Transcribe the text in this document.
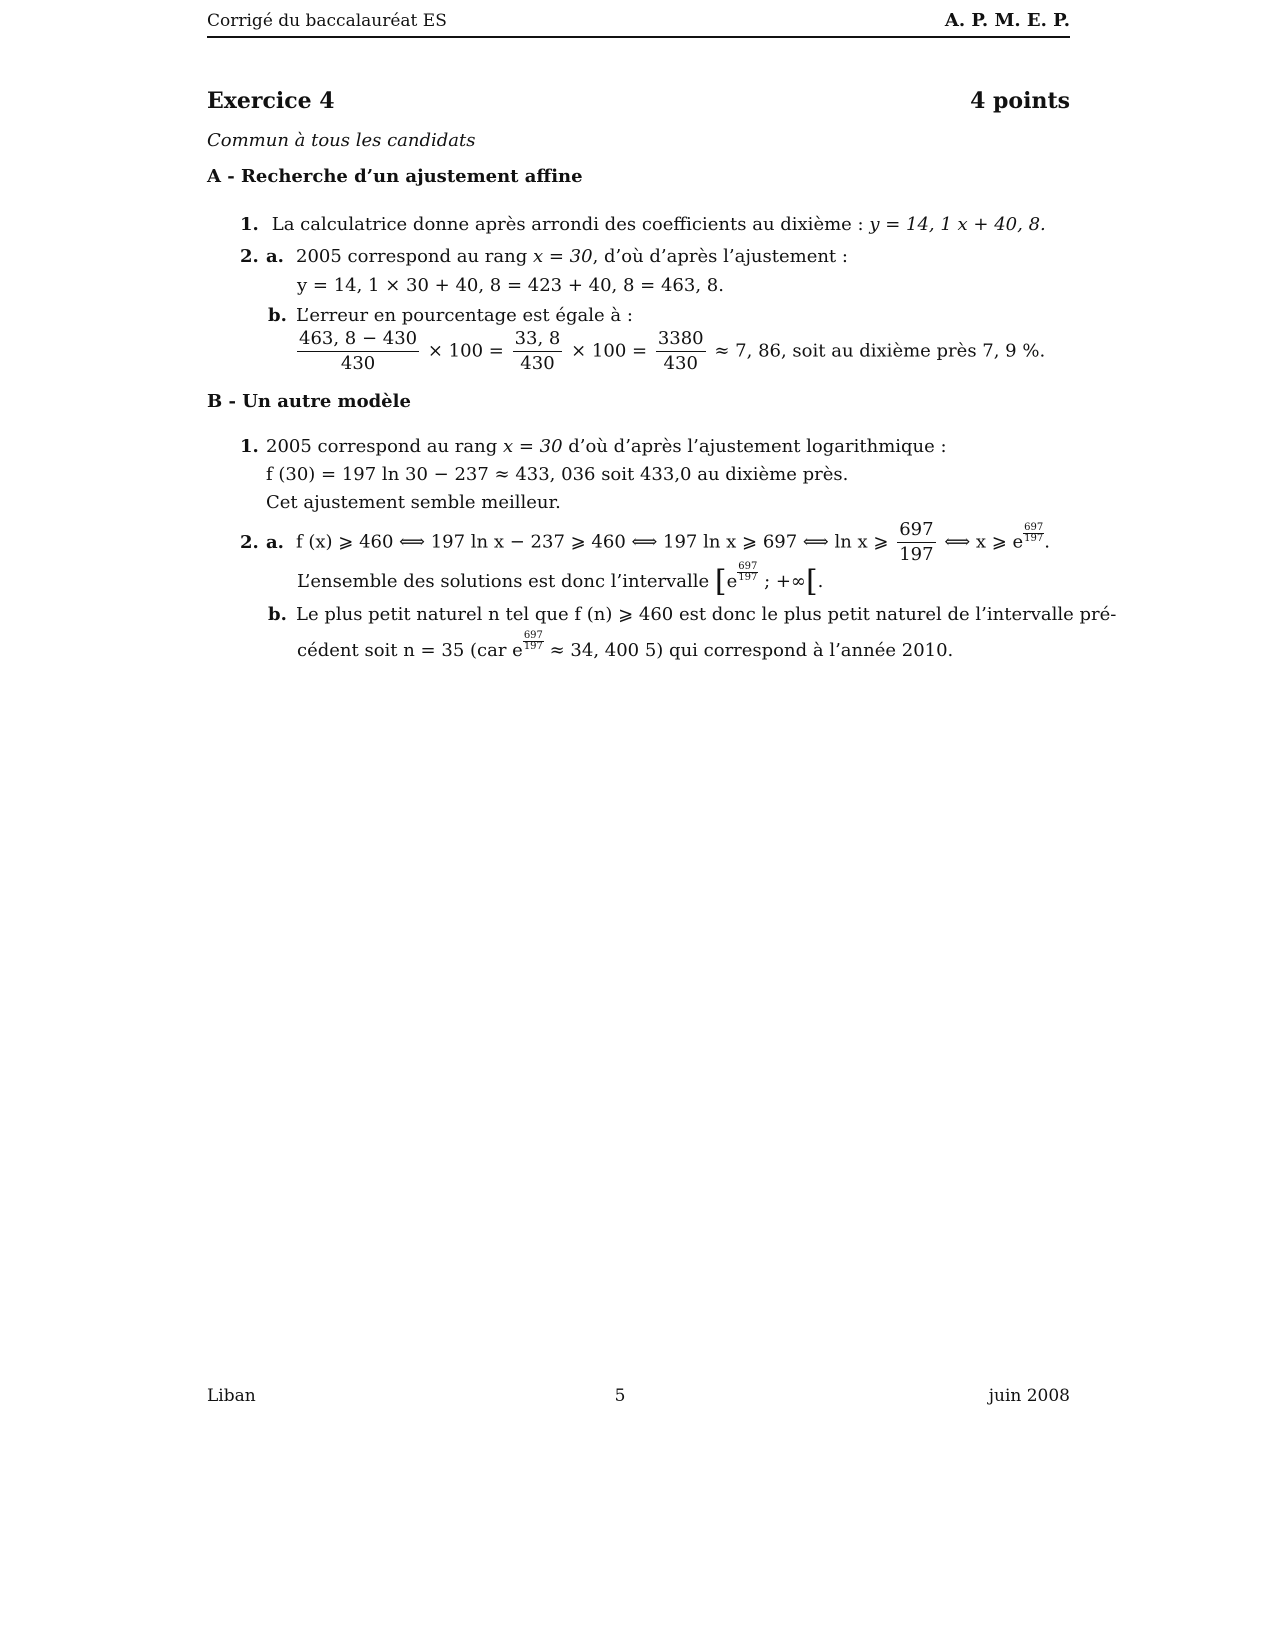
Corrigé du baccalauréat ES	A. P. M. E. P.
Exercice 4	4 points
Commun à tous les candidats
A - Recherche d’un ajustement affine
1. La calculatrice donne après arrondi des coefficients au dixième : y = 14, 1 x + 40, 8.
2. a. 2005 correspond au rang x = 30, d’où d’après l’ajustement :
y = 14, 1 × 30 + 40, 8 = 423 + 40, 8 = 463, 8.
b. L’erreur en pourcentage est égale à :
$\frac{463, 8 - 430}{430} \times 100 = \frac{33, 8}{430} \times 100 = \frac{3380}{430} \approx 7$, 86, soit au dixième près 7, 9 %.
B - Un autre modèle
1. 2005 correspond au rang x = 30 d’où d’après l’ajustement logarithmique :
f (30) = 197 ln 30 − 237 ≈ 433, 036 soit 433,0 au dixième près.
Cet ajustement semble meilleur.
2. a. f (x) ⩾ 460 ⟺ 197 ln x − 237 ⩾ 460 ⟺ 197 ln x ⩾ 697 ⟺ ln x ⩾ $\frac{697}{197}$ ⟺ x ⩾ e $\frac{697}{197}$ .
L’ensemble des solutions est donc l’intervalle [$e \frac{697}{197}$ ; +∞[.
b. Le plus petit naturel n tel que f (n) ⩾ 460 est donc le plus petit naturel de l’intervalle pré-
cédent soit n = 35 (car e $\frac{697}{197} \approx 34$, 400 5) qui correspond à l’année 2010.
Liban	5	juin 2008
